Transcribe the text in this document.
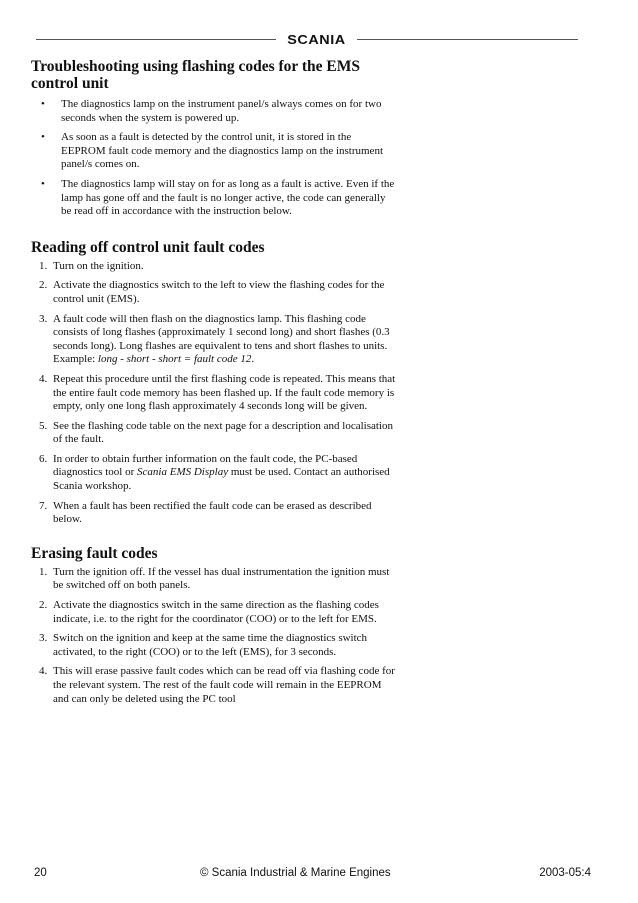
SCANIA
Troubleshooting using flashing codes for the EMS control unit
• The diagnostics lamp on the instrument panel/s always comes on for two seconds when the system is powered up.
• As soon as a fault is detected by the control unit, it is stored in the EEPROM fault code memory and the diagnostics lamp on the instrument panel/s comes on.
• The diagnostics lamp will stay on for as long as a fault is active. Even if the lamp has gone off and the fault is no longer active, the code can generally be read off in accordance with the instruction below.
Reading off control unit fault codes
1. Turn on the ignition.
2. Activate the diagnostics switch to the left to view the flashing codes for the control unit (EMS).
3. A fault code will then flash on the diagnostics lamp. This flashing code consists of long flashes (approximately 1 second long) and short flashes (0.3 seconds long). Long flashes are equivalent to tens and short flashes to units.
Example: long - short - short = fault code 12.
4. Repeat this procedure until the first flashing code is repeated. This means that the entire fault code memory has been flashed up. If the fault code memory is empty, only one long flash approximately 4 seconds long will be given.
5. See the flashing code table on the next page for a description and localisation of the fault.
6. In order to obtain further information on the fault code, the PC-based diagnostics tool or Scania EMS Display must be used. Contact an authorised Scania workshop.
7. When a fault has been rectified the fault code can be erased as described below.
Erasing fault codes
1. Turn the ignition off. If the vessel has dual instrumentation the ignition must be switched off on both panels.
2. Activate the diagnostics switch in the same direction as the flashing codes indicate, i.e. to the right for the coordinator (COO) or to the left for EMS.
3. Switch on the ignition and keep at the same time the diagnostics switch activated, to the right (COO) or to the left (EMS), for 3 seconds.
4. This will erase passive fault codes which can be read off via flashing code for the relevant system. The rest of the fault code will remain in the EEPROM and can only be deleted using the PC tool
20	© Scania Industrial & Marine Engines	2003-05:4
